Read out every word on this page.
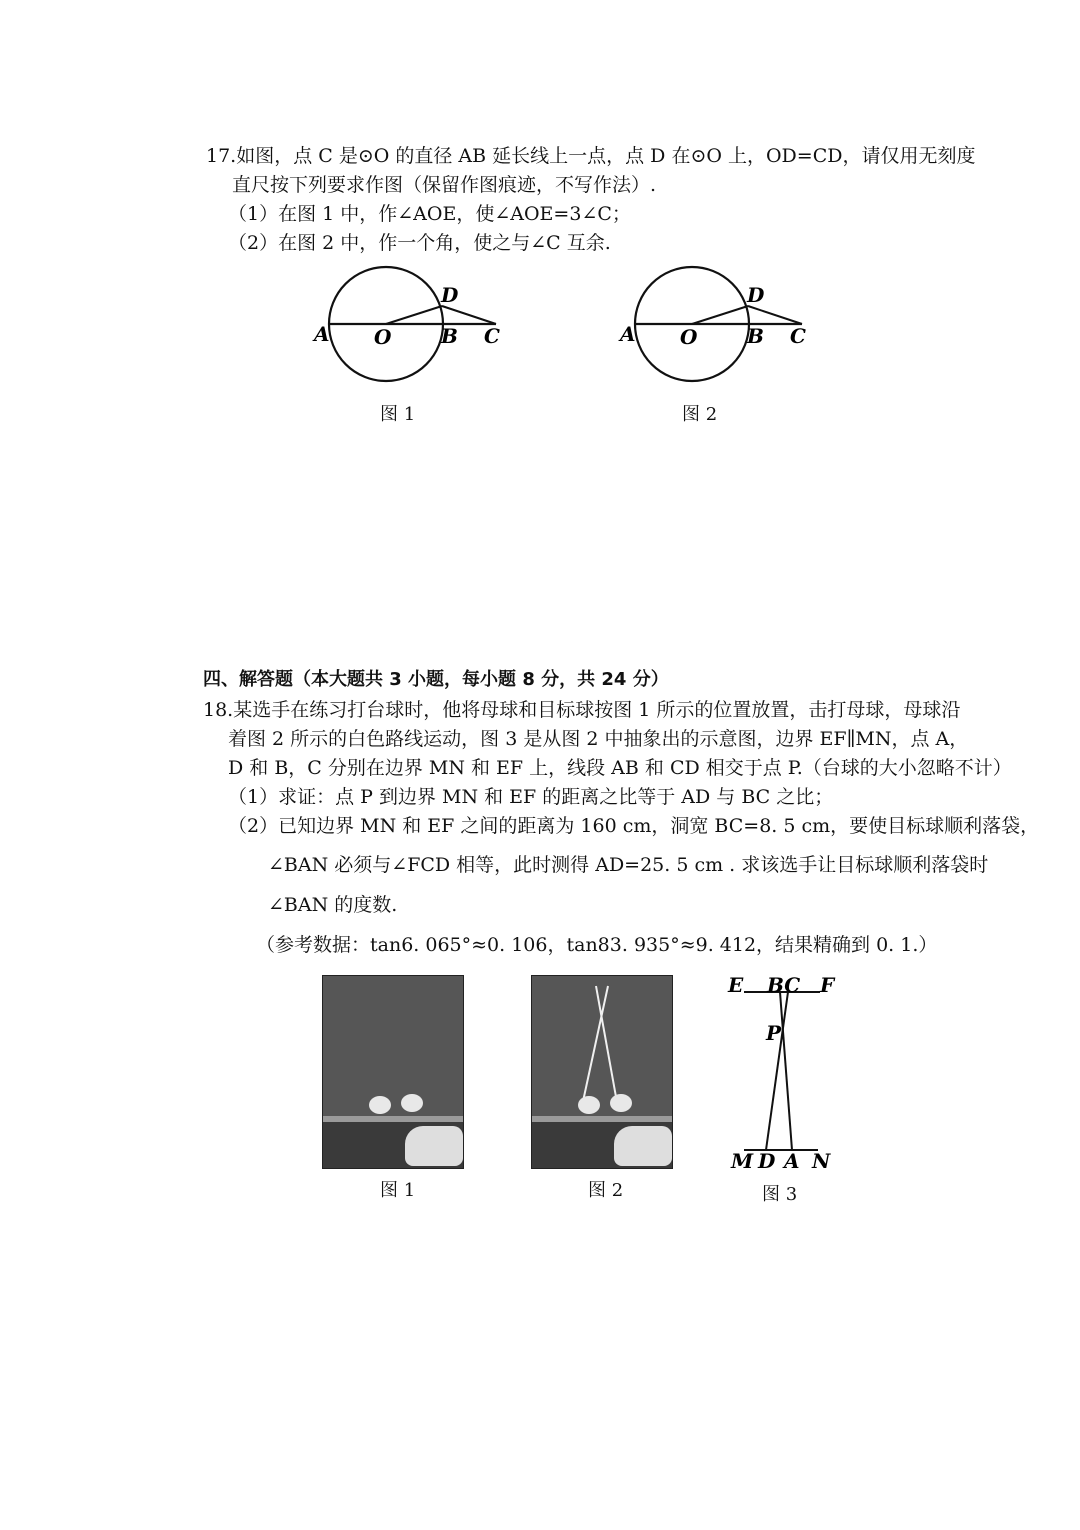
17.如图，点 C 是⊙O 的直径 AB 延长线上一点，点 D 在⊙O 上，OD=CD，请仅用无刻度
直尺按下列要求作图（保留作图痕迹，不写作法）.
（1）在图 1 中，作∠AOE，使∠AOE=3∠C；
（2）在图 2 中，作一个角，使之与∠C 互余.
A O B C
D
图 1
A O B C
D
图 2
四、解答题（本大题共 3 小题，每小题 8 分，共 24 分）
18.某选手在练习打台球时，他将母球和目标球按图 1 所示的位置放置，击打母球，母球沿
着图 2 所示的白色路线运动，图 3 是从图 2 中抽象出的示意图，边界 EF∥MN，点 A，
D 和 B，C 分别在边界 MN 和 EF 上，线段 AB 和 CD 相交于点 P.（台球的大小忽略不计）
（1）求证：点 P 到边界 MN 和 EF 的距离之比等于 AD 与 BC 之比；
（2）已知边界 MN 和 EF 之间的距离为 160 cm，洞宽 BC=8. 5 cm，要使目标球顺利落袋，
∠BAN 必须与∠FCD 相等，此时测得 AD=25. 5 cm . 求该选手让目标球顺利落袋时
∠BAN 的度数.
（参考数据：tan6. 065°≈0. 106，tan83. 935°≈9. 412，结果精确到 0. 1.）
图 1	图 2
E BC F
P
M D A N
图 3
